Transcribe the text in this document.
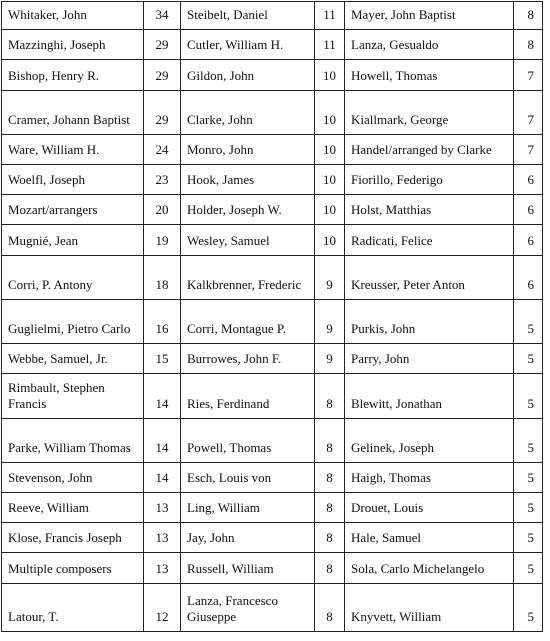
Whitaker, John	34	Steibelt, Daniel	11	Mayer, John Baptist	8
Mazzinghi, Joseph	29	Cutler, William H.	11	Lanza, Gesualdo	8
Bishop, Henry R.	29	Gildon, John	10	Howell, Thomas	7
Cramer, Johann Baptist	29	Clarke, John	10	Kiallmark, George	7
Ware, William H.	24	Monro, John	10	Handel/arranged by Clarke	7
Woelfl, Joseph	23	Hook, James	10	Fiorillo, Federigo	6
Mozart/arrangers	20	Holder, Joseph W.	10	Holst, Matthias	6
Mugnié, Jean	19	Wesley, Samuel	10	Radicati, Felice	6
Corri, P. Antony	18	Kalkbrenner, Frederic	9	Kreusser, Peter Anton	6
Guglielmi, Pietro Carlo	16	Corri, Montague P.	9	Purkis, John	5
Webbe, Samuel, Jr.	15	Burrowes, John F.	9	Parry, John	5
Rimbault, Stephen Francis	14	Ries, Ferdinand	8	Blewitt, Jonathan	5
Parke, William Thomas	14	Powell, Thomas	8	Gelinek, Joseph	5
Stevenson, John	14	Esch, Louis von	8	Haigh, Thomas	5
Reeve, William	13	Ling, William	8	Drouet, Louis	5
Klose, Francis Joseph	13	Jay, John	8	Hale, Samuel	5
Multiple composers	13	Russell, William	8	Sola, Carlo Michelangelo	5
Latour, T.	12	Lanza, Francesco Giuseppe	8	Knyvett, William	5
